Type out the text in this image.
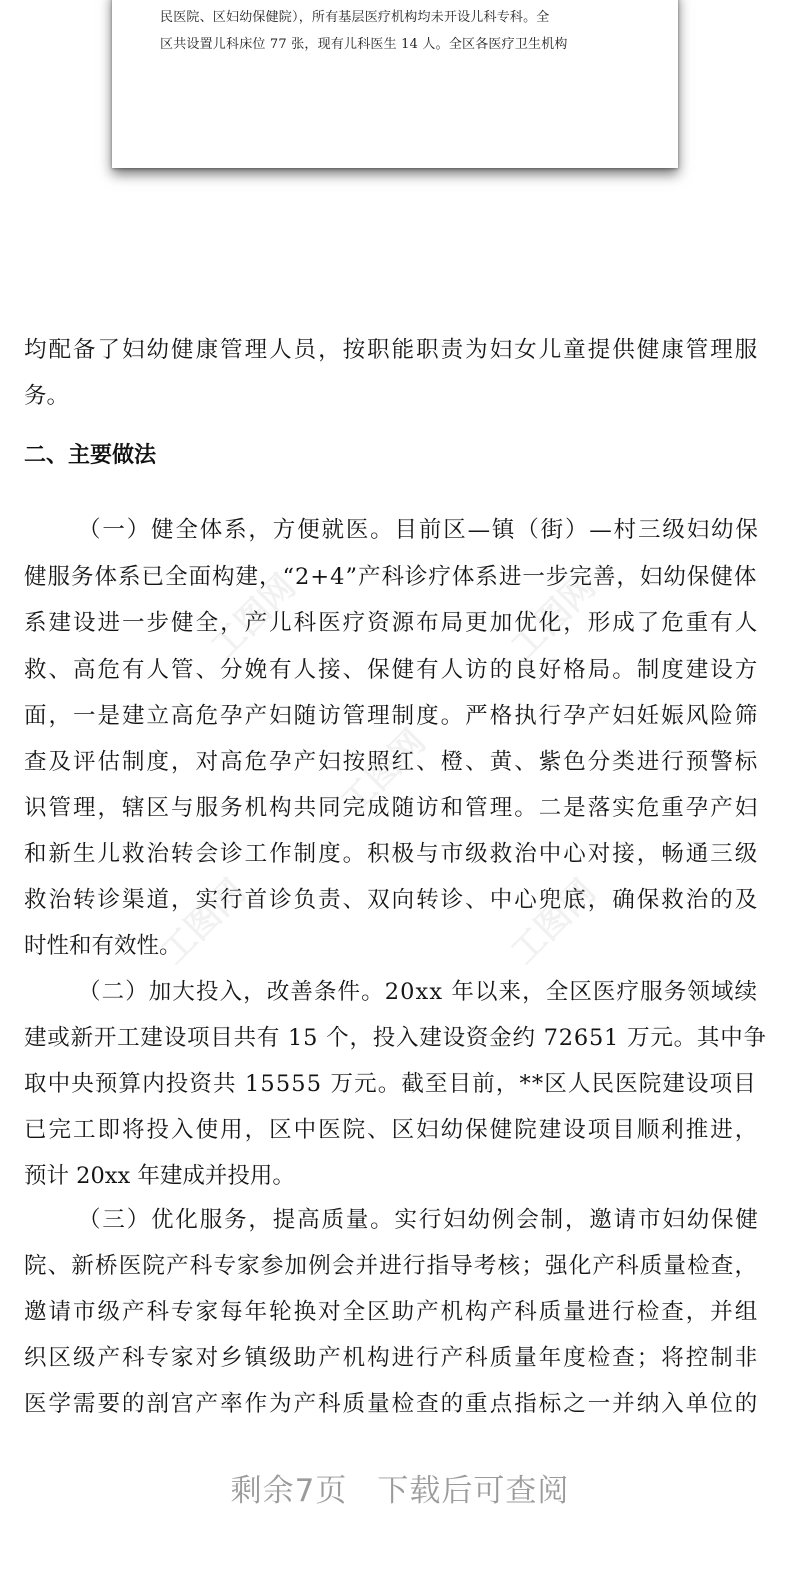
民医院、区妇幼保健院），所有基层医疗机构均未开设儿科专科。全
区共设置儿科床位 77 张，现有儿科医生 14 人。全区各医疗卫生机构
工图网	工图网
工图网
工图网	工图网
均配备了妇幼健康管理人员，按职能职责为妇女儿童提供健康管理服
务。
二、主要做法
（一）健全体系，方便就医。目前区—镇（街）—村三级妇幼保
健服务体系已全面构建，“2+4”产科诊疗体系进一步完善，妇幼保健体
系建设进一步健全，产儿科医疗资源布局更加优化，形成了危重有人
救、高危有人管、分娩有人接、保健有人访的良好格局。制度建设方
面，一是建立高危孕产妇随访管理制度。严格执行孕产妇妊娠风险筛
查及评估制度，对高危孕产妇按照红、橙、黄、紫色分类进行预警标
识管理，辖区与服务机构共同完成随访和管理。二是落实危重孕产妇
和新生儿救治转会诊工作制度。积极与市级救治中心对接，畅通三级
救治转诊渠道，实行首诊负责、双向转诊、中心兜底，确保救治的及
时性和有效性。
（二）加大投入，改善条件。20xx 年以来，全区医疗服务领域续
建或新开工建设项目共有 15 个，投入建设资金约 72651 万元。其中争
取中央预算内投资共 15555 万元。截至目前，**区人民医院建设项目
已完工即将投入使用，区中医院、区妇幼保健院建设项目顺利推进，
预计 20xx 年建成并投用。
（三）优化服务，提高质量。实行妇幼例会制，邀请市妇幼保健
院、新桥医院产科专家参加例会并进行指导考核；强化产科质量检查，
邀请市级产科专家每年轮换对全区助产机构产科质量进行检查，并组
织区级产科专家对乡镇级助产机构进行产科质量年度检查；将控制非
医学需要的剖宫产率作为产科质量检查的重点指标之一并纳入单位的
剩余7页 下载后可查阅
